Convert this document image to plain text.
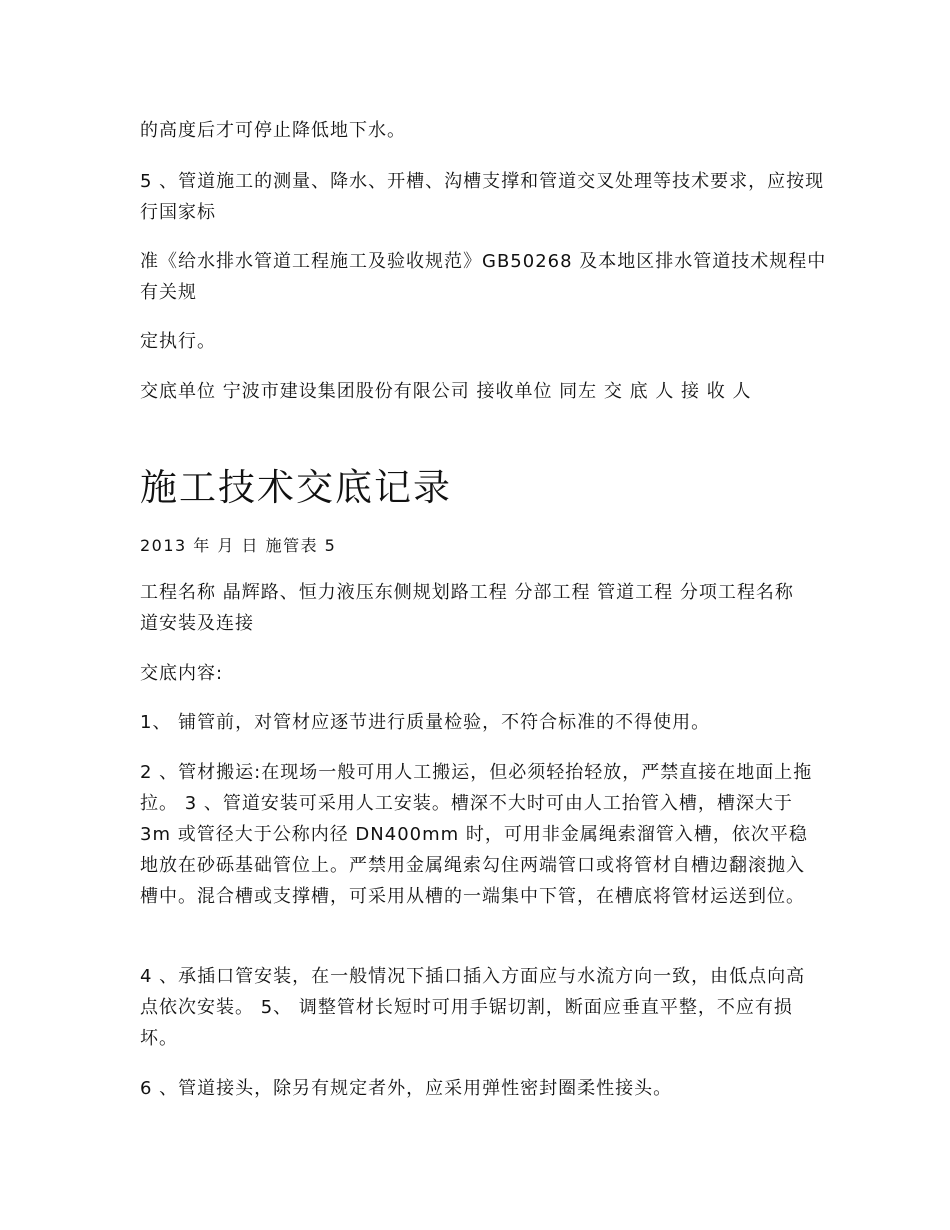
的高度后才可停止降低地下水。

5 、管道施工的测量、降水、开槽、沟槽支撑和管道交叉处理等技术要求，应按现行国家标

准《给水排水管道工程施工及验收规范》GB50268 及本地区排水管道技术规程中有关规

定执行。

交底单位 宁波市建设集团股份有限公司 接收单位 同左 交 底 人 接 收 人

施工技术交底记录

2013 年 月 日 施管表 5

工程名称 晶辉路、恒力液压东侧规划路工程 分部工程 管道工程 分项工程名称 道安装及连接

交底内容:

1、 铺管前，对管材应逐节进行质量检验，不符合标准的不得使用。

2 、管材搬运:在现场一般可用人工搬运，但必须轻抬轻放，严禁直接在地面上拖拉。 3 、管道安装可采用人工安装。槽深不大时可由人工抬管入槽，槽深大于 3m 或管径大于公称内径 DN400mm 时，可用非金属绳索溜管入槽，依次平稳地放在砂砾基础管位上。严禁用金属绳索勾住两端管口或将管材自槽边翻滚抛入槽中。混合槽或支撑槽，可采用从槽的一端集中下管，在槽底将管材运送到位。

4 、承插口管安装，在一般情况下插口插入方面应与水流方向一致，由低点向高点依次安装。 5、 调整管材长短时可用手锯切割，断面应垂直平整，不应有损坏。

6 、管道接头，除另有规定者外，应采用弹性密封圈柔性接头。
